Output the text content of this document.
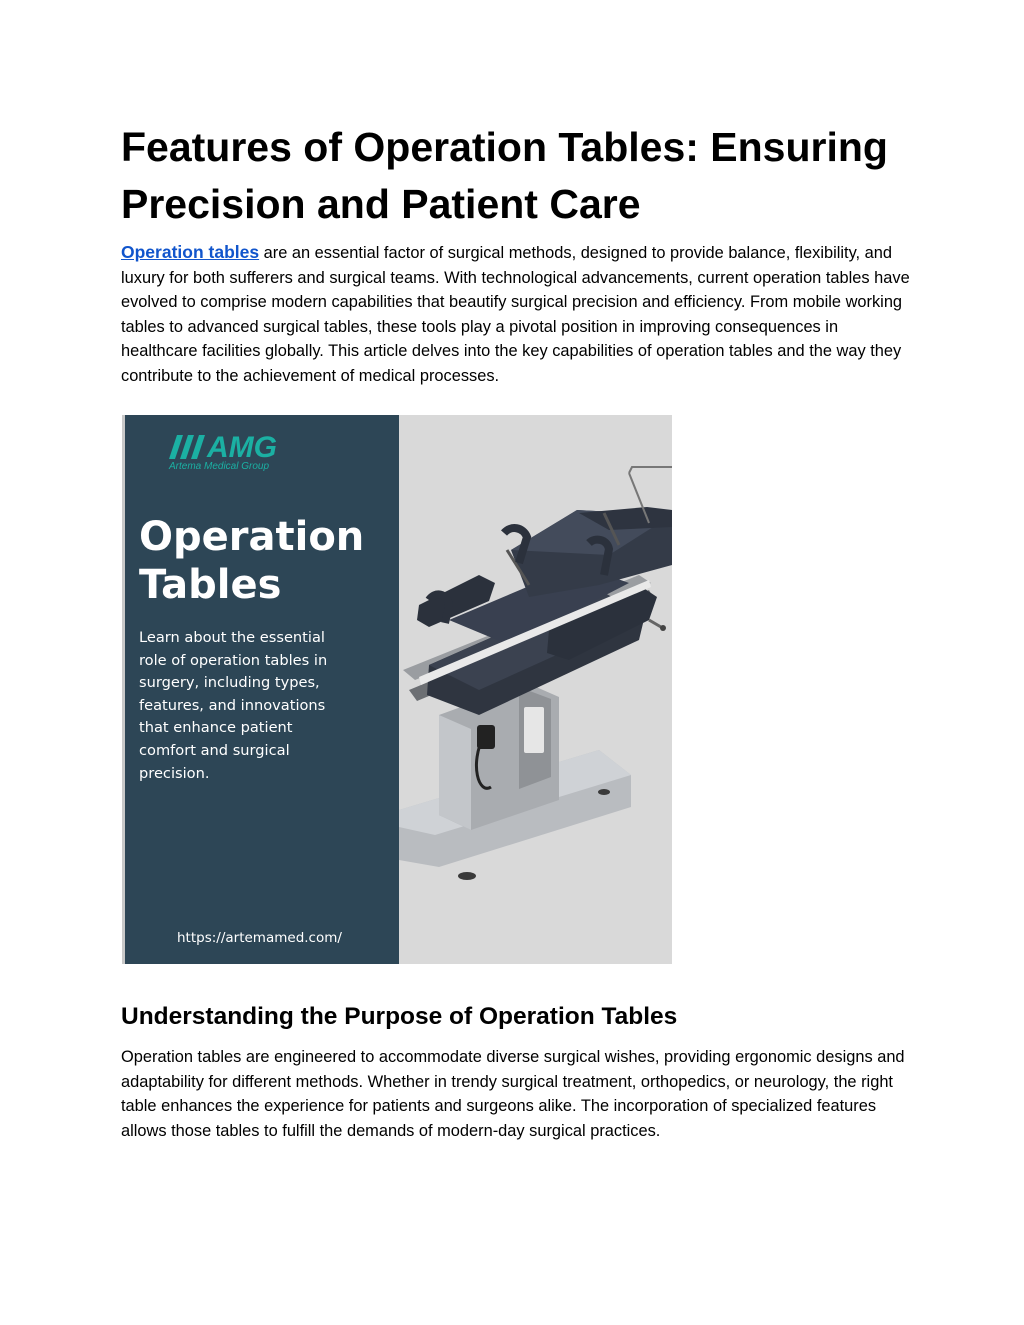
Features of Operation Tables: Ensuring Precision and Patient Care

Operation tables are an essential factor of surgical methods, designed to provide balance, flexibility, and luxury for both sufferers and surgical teams. With technological advancements, current operation tables have evolved to comprise modern capabilities that beautify surgical precision and efficiency. From mobile working tables to advanced surgical tables, these tools play a pivotal position in improving consequences in healthcare facilities globally. This article delves into the key capabilities of operation tables and the way they contribute to the achievement of medical processes.

AMG
Artema Medical Group
Operation Tables

Learn about the essential role of operation tables in surgery, including types, features, and innovations that enhance patient comfort and surgical precision.

https://artemamed.com/
Understanding the Purpose of Operation Tables

Operation tables are engineered to accommodate diverse surgical wishes, providing ergonomic designs and adaptability for different methods. Whether in trendy surgical treatment, orthopedics, or neurology, the right table enhances the experience for patients and surgeons alike. The incorporation of specialized features allows those tables to fulfill the demands of modern-day surgical practices.
